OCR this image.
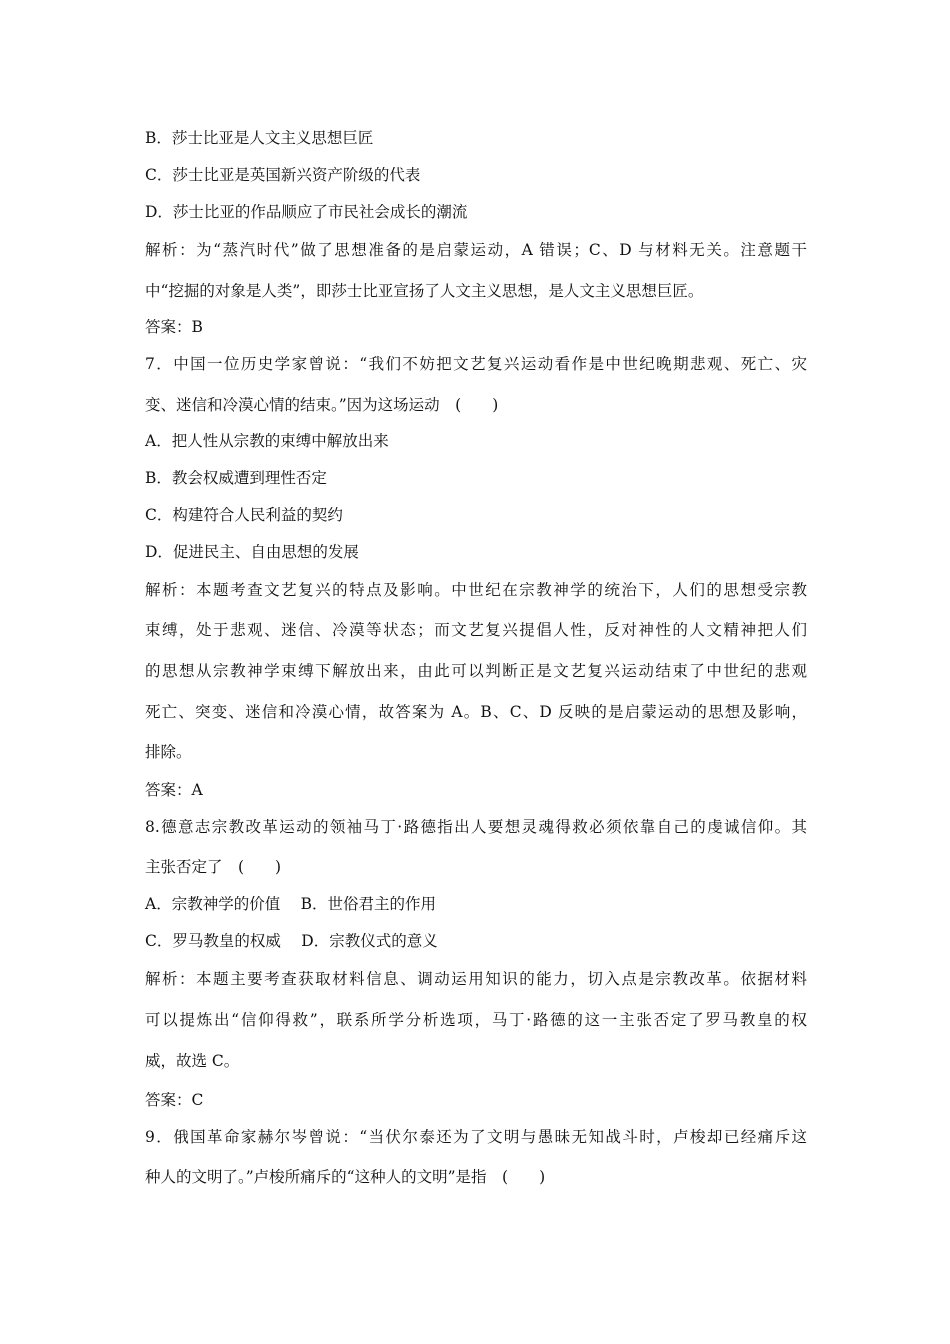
B．莎士比亚是人文主义思想巨匠
C．莎士比亚是英国新兴资产阶级的代表
D．莎士比亚的作品顺应了市民社会成长的潮流
解析：为“蒸汽时代”做了思想准备的是启蒙运动，A 错误；C、D 与材料无关。注意题干
中“挖掘的对象是人类”，即莎士比亚宣扬了人文主义思想，是人文主义思想巨匠。
答案：B
7．中国一位历史学家曾说：“我们不妨把文艺复兴运动看作是中世纪晚期悲观、死亡、灾
变、迷信和冷漠心情的结束。”因为这场运动　(　　)
A．把人性从宗教的束缚中解放出来
B．教会权威遭到理性否定
C．构建符合人民利益的契约
D．促进民主、自由思想的发展
解析：本题考查文艺复兴的特点及影响。中世纪在宗教神学的统治下，人们的思想受宗教
束缚，处于悲观、迷信、冷漠等状态；而文艺复兴提倡人性，反对神性的人文精神把人们
的思想从宗教神学束缚下解放出来，由此可以判断正是文艺复兴运动结束了中世纪的悲观
死亡、突变、迷信和冷漠心情，故答案为 A。B、C、D 反映的是启蒙运动的思想及影响，
排除。
答案：A
8.德意志宗教改革运动的领袖马丁·路德指出人要想灵魂得救必须依靠自己的虔诚信仰。其
主张否定了　(　　)
A．宗教神学的价值　 B．世俗君主的作用
C．罗马教皇的权威　 D．宗教仪式的意义
解析：本题主要考查获取材料信息、调动运用知识的能力，切入点是宗教改革。依据材料
可以提炼出“信仰得救”，联系所学分析选项，马丁·路德的这一主张否定了罗马教皇的权
威，故选 C。
答案：C
9．俄国革命家赫尔岑曾说：“当伏尔泰还为了文明与愚昧无知战斗时，卢梭却已经痛斥这
种人的文明了。”卢梭所痛斥的“这种人的文明”是指　(　　)
